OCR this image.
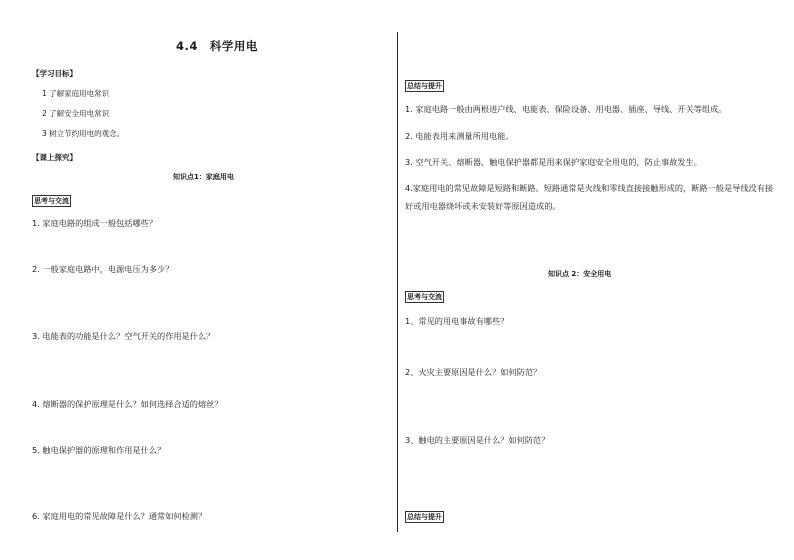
4.4　科学用电
【学习目标】
1 了解家庭用电常识
2 了解安全用电常识
3 树立节约用电的观念。
【课上探究】
知识点1：家庭用电
思考与交流
1. 家庭电路的组成一般包括哪些？
2. 一般家庭电路中，电源电压为多少？
3. 电能表的功能是什么？空气开关的作用是什么？
4. 熔断器的保护原理是什么？如何选择合适的熔丝？
5. 触电保护器的原理和作用是什么？
6. 家庭用电的常见故障是什么？通常如何检测？
总结与提升
1. 家庭电路一般由两根进户线、电能表、保险设备、用电器、插座、导线、开关等组成。
2. 电能表用来测量所用电能。
3. 空气开关、熔断器、触电保护器都是用来保护家庭安全用电的，防止事故发生。
4.家庭用电的常见故障是短路和断路。短路通常是火线和零线直接接触形成的，断路一般是导线没有接好或用电器烧坏或未安装好等原因造成的。
知识点 2：安全用电
思考与交流
1、常见的用电事故有哪些？
2、火灾主要原因是什么？如何防范？
3、触电的主要原因是什么？如何防范？
总结与提升
